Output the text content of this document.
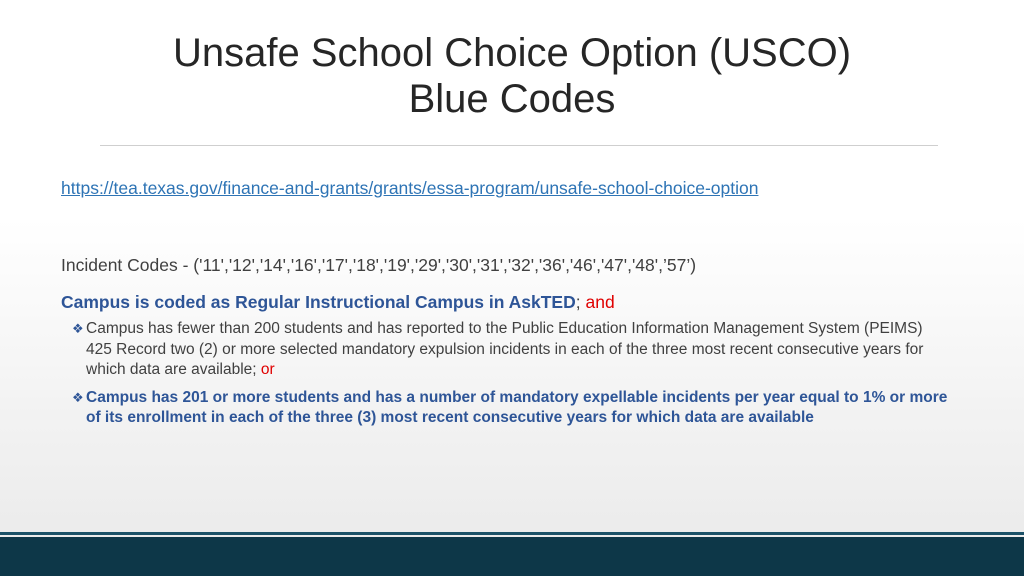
Unsafe School Choice Option (USCO)
Blue Codes
https://tea.texas.gov/finance-and-grants/grants/essa-program/unsafe-school-choice-option
Incident Codes - ('11','12','14','16','17','18','19','29','30','31','32','36','46','47','48',’57’)
Campus is coded as Regular Instructional Campus in AskTED; and
❖ Campus has fewer than 200 students and has reported to the Public Education Information Management System (PEIMS) 425 Record two (2) or more selected mandatory expulsion incidents in each of the three most recent consecutive years for which data are available; or
❖ Campus has 201 or more students and has a number of mandatory expellable incidents per year equal to 1% or more of its enrollment in each of the three (3) most recent consecutive years for which data are available
